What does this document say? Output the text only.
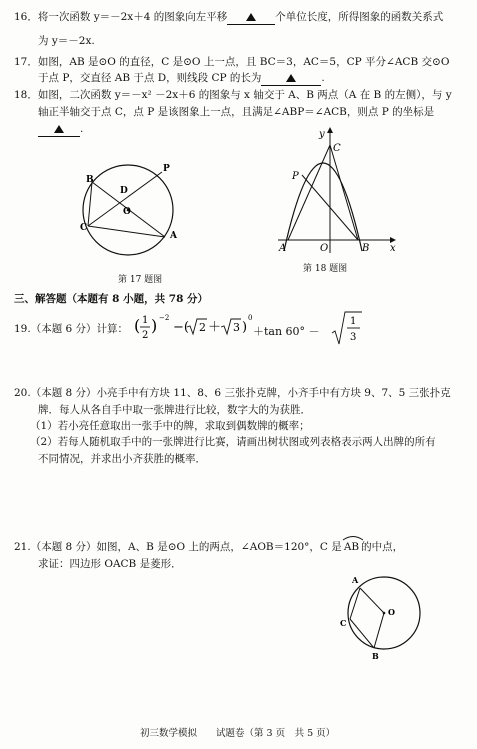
16．将一次函数 y＝－2x＋4 的图象向左平移	个单位长度，所得图象的函数关系式
为 y＝－2x.
17．如图，AB 是⊙O 的直径，C 是⊙O 上一点，且 BC＝3，AC＝5，CP 平分∠ACB 交⊙O
于点 P，交直径 AB 于点 D，则线段 CP 的长为	.
18．如图，二次函数 y＝－x² －2x＋6 的图象与 x 轴交于 A、B 两点（A 在 B 的左侧），与 y
轴正半轴交于点 C，点 P 是该图象上一点，且满足∠ABP＝∠ACB，则点 P 的坐标是
.
B
P
D
O
C
A
第 17 题图
y
C
P
A	O	B x
第 18 题图
三、解答题（本题有 8 小题，共 78 分）
19.（本题 6 分）计算： ( 1
2
) −2
−( 2 ＋ 3 )
0
＋tan 60° －
1
3
20.（本题 8 分）小亮手中有方块 11、8、6 三张扑克牌，小齐手中有方块 9、7、5 三张扑克
牌．每人从各自手中取一张牌进行比较，数字大的为获胜．
（1）若小亮任意取出一张手中的牌，求取到偶数牌的概率；
（2）若每人随机取手中的一张牌进行比赛，请画出树状图或列表格表示两人出牌的所有
不同情况，并求出小齐获胜的概率．
21.（本题 8 分）如图，A、B 是⊙O 上的两点，∠AOB＝120°，C 是 AB 的中点，
求证：四边形 OACB 是菱形．
A
O
C
B
初三数学模拟　　试题卷（第 3 页　共 5 页）
